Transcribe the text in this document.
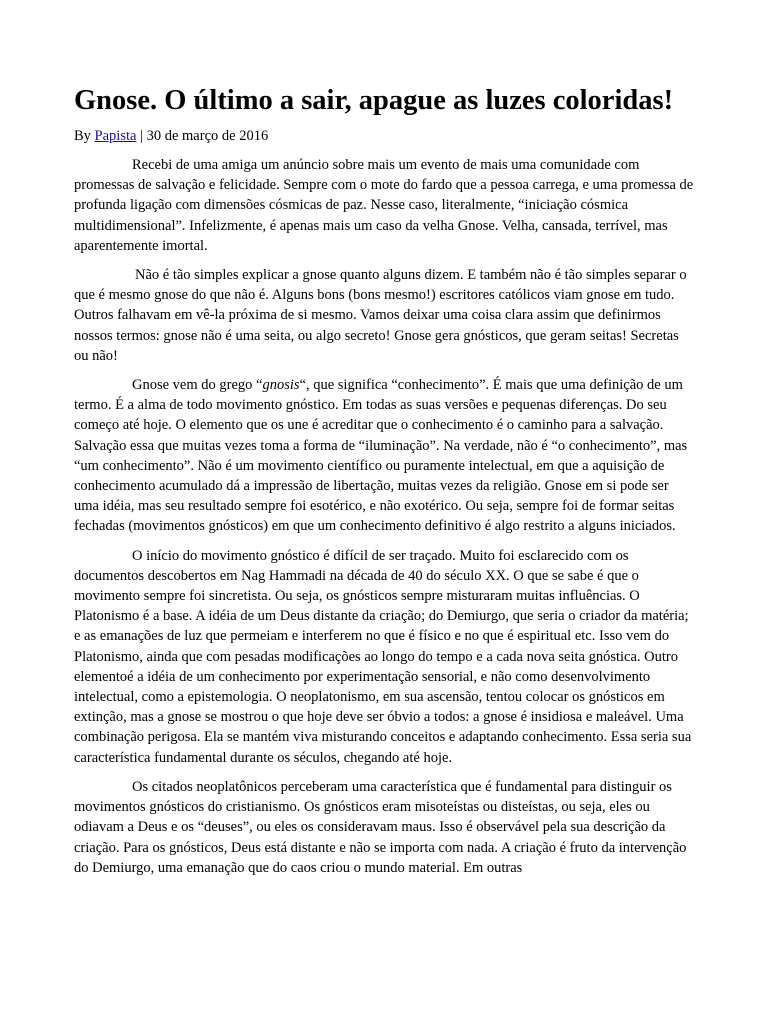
Gnose. O último a sair, apague as luzes coloridas!
By Papista | 30 de março de 2016

Recebi de uma amiga um anúncio sobre mais um evento de mais uma comunidade com promessas de salvação e felicidade. Sempre com o mote do fardo que a pessoa carrega, e uma promessa de profunda ligação com dimensões cósmicas de paz. Nesse caso, literalmente, “iniciação cósmica multidimensional”. Infelizmente, é apenas mais um caso da velha Gnose. Velha, cansada, terrível, mas aparentemente imortal.

Não é tão simples explicar a gnose quanto alguns dizem. E também não é tão simples separar o que é mesmo gnose do que não é. Alguns bons (bons mesmo!) escritores católicos viam gnose em tudo. Outros falhavam em vê-la próxima de si mesmo. Vamos deixar uma coisa clara assim que definirmos nossos termos: gnose não é uma seita, ou algo secreto! Gnose gera gnósticos, que geram seitas! Secretas ou não!

Gnose vem do grego “gnosis“, que significa “conhecimento”. É mais que uma definição de um termo. É a alma de todo movimento gnóstico. Em todas as suas versões e pequenas diferenças. Do seu começo até hoje. O elemento que os une é acreditar que o conhecimento é o caminho para a salvação. Salvação essa que muitas vezes toma a forma de “iluminação”. Na verdade, não é “o conhecimento”, mas “um conhecimento”. Não é um movimento científico ou puramente intelectual, em que a aquisição de conhecimento acumulado dá a impressão de libertação, muitas vezes da religião. Gnose em si pode ser uma idéia, mas seu resultado sempre foi esotérico, e não exotérico. Ou seja, sempre foi de formar seitas fechadas (movimentos gnósticos) em que um conhecimento definitivo é algo restrito a alguns iniciados.

O início do movimento gnóstico é difícil de ser traçado. Muito foi esclarecido com os documentos descobertos em Nag Hammadi na década de 40 do século XX. O que se sabe é que o movimento sempre foi sincretista. Ou seja, os gnósticos sempre misturaram muitas influências. O Platonismo é a base. A idéia de um Deus distante da criação; do Demiurgo, que seria o criador da matéria; e as emanações de luz que permeiam e interferem no que é físico e no que é espiritual etc. Isso vem do Platonismo, ainda que com pesadas modificações ao longo do tempo e a cada nova seita gnóstica. Outro elementoé a idéia de um conhecimento por experimentação sensorial, e não como desenvolvimento intelectual, como a epistemologia. O neoplatonismo, em sua ascensão, tentou colocar os gnósticos em extinção, mas a gnose se mostrou o que hoje deve ser óbvio a todos: a gnose é insidiosa e maleável. Uma combinação perigosa. Ela se mantém viva misturando conceitos e adaptando conhecimento. Essa seria sua característica fundamental durante os séculos, chegando até hoje.

Os citados neoplatônicos perceberam uma característica que é fundamental para distinguir os movimentos gnósticos do cristianismo. Os gnósticos eram misoteístas ou disteístas, ou seja, eles ou odiavam a Deus e os “deuses”, ou eles os consideravam maus. Isso é observável pela sua descrição da criação. Para os gnósticos, Deus está distante e não se importa com nada. A criação é fruto da intervenção do Demiurgo, uma emanação que do caos criou o mundo material. Em outras
